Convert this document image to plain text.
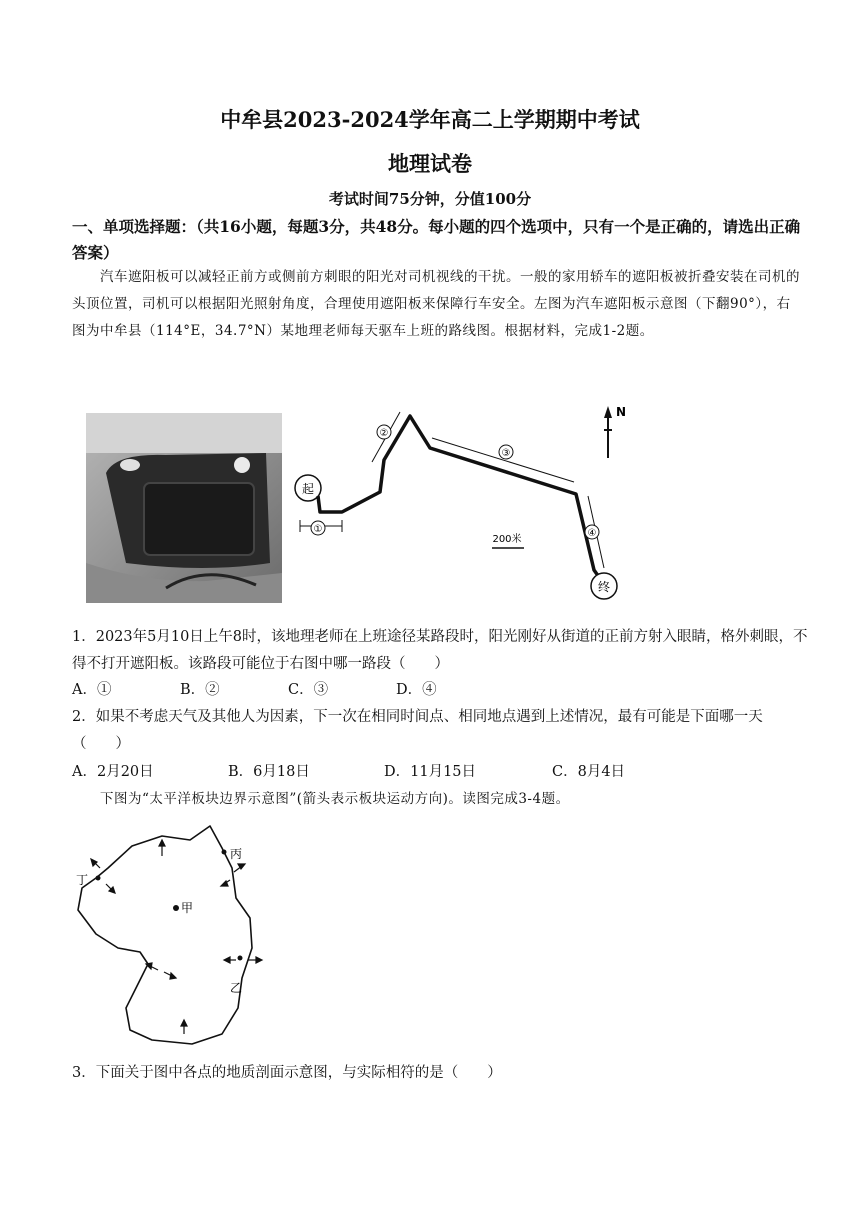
中牟县2023-2024学年高二上学期期中考试
地理试卷
考试时间75分钟，分值100分
一、单项选择题：（共16小题，每题3分，共48分。每小题的四个选项中，只有一个是正确的，请选出正确答案）
汽车遮阳板可以减轻正前方或侧前方刺眼的阳光对司机视线的干扰。一般的家用轿车的遮阳板被折叠安装在司机的头顶位置，司机可以根据阳光照射角度，合理使用遮阳板来保障行车安全。左图为汽车遮阳板示意图（下翻90°），右图为中牟县（114°E，34.7°N）某地理老师每天驱车上班的路线图。根据材料，完成1-2题。
起
终
①
②
③
④
200米
N
1．2023年5月10日上午8时，该地理老师在上班途径某路段时，阳光刚好从街道的正前方射入眼睛，格外刺眼，不得不打开遮阳板。该路段可能位于右图中哪一路段（　　）
A．①	B．②	C．③	D．④
2．如果不考虑天气及其他人为因素，下一次在相同时间点、相同地点遇到上述情况，最有可能是下面哪一天（　　）
A．2月20日	B．6月18日	D．11月15日	C．8月4日
下图为“太平洋板块边界示意图”(箭头表示板块运动方向)。读图完成3-4题。
甲
乙
丙
丁
3．下面关于图中各点的地质剖面示意图，与实际相符的是（　　）
